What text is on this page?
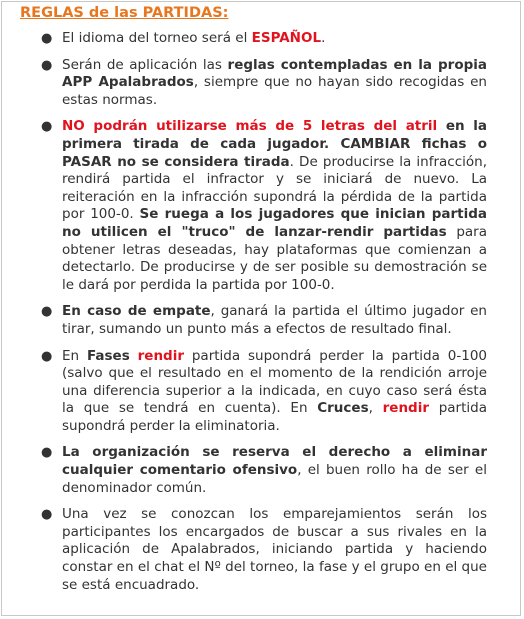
REGLAS de las PARTIDAS:
● El idioma del torneo será el ESPAÑOL.
● Serán de aplicación las reglas contempladas en la propia APP Apalabrados, siempre que no hayan sido recogidas en estas normas.
● NO podrán utilizarse más de 5 letras del atril en la primera tirada de cada jugador. CAMBIAR fichas o PASAR no se considera tirada. De producirse la infracción, rendirá partida el infractor y se iniciará de nuevo. La reiteración en la infracción supondrá la pérdida de la partida por 100-0. Se ruega a los jugadores que inician partida no utilicen el "truco" de lanzar-rendir partidas para obtener letras deseadas, hay plataformas que comienzan a detectarlo. De producirse y de ser posible su demostración se le dará por perdida la partida por 100-0.
● En caso de empate, ganará la partida el último jugador en tirar, sumando un punto más a efectos de resultado final.
● En Fases rendir partida supondrá perder la partida 0-100 (salvo que el resultado en el momento de la rendición arroje una diferencia superior a la indicada, en cuyo caso será ésta la que se tendrá en cuenta). En Cruces, rendir partida supondrá perder la eliminatoria.
● La organización se reserva el derecho a eliminar cualquier comentario ofensivo, el buen rollo ha de ser el denominador común.
● Una vez se conozcan los emparejamientos serán los participantes los encargados de buscar a sus rivales en la aplicación de Apalabrados, iniciando partida y haciendo constar en el chat el Nº del torneo, la fase y el grupo en el que se está encuadrado.
